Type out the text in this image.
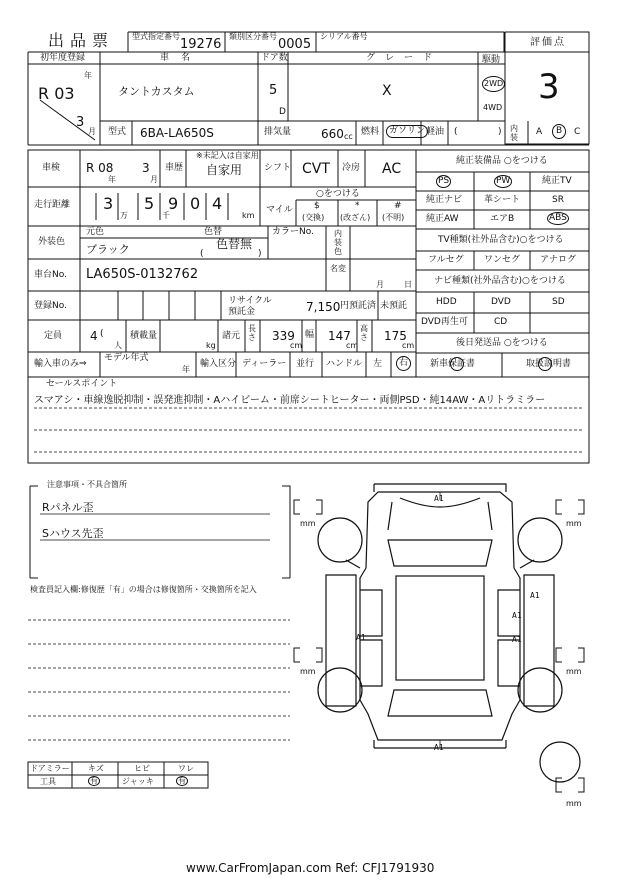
出品票 型式指定番号
19276
類別区分番号
0005
シリアル番号
評価点
3
初年度登録
年
R 03
3
月
車名
タントカスタム
ドア数
5
D
グレード
X
駆動
2WD
4WD
型式 6BA-LA650S	排気量 660 cc 燃料	ガソリン 軽油 (	) 内装
A	B	C
車検 R 08
年
3
月
車歴
※未記入は自家用
自家用 シフト CVT 冷房 AC
走行距離 3
万
5
千
9 0 4
km
○をつける
マイル $
(交換)
*
(改ざん)
#
(不明)
外装色
元色	色替
ブラック	色替無
(	)
カラーNo.	内装色
車台No. LA650S-0132762	名変
月	日
登録No.	リサイクル預託金	7,150 円預託済 未預託
定員 4 (
人
積載量
kg
諸元
長さ 339
cm
幅 147
cm
高さ 175
cm
輸入車のみ⇒
モデル年式
年
輸入区分 ディーラー 並行 ハンドル 左	右
純正装備品 ○をつける
PS	PW	純正TV
純正ナビ 革シート	SR
純正AW	エアB	ABS
TV種類(社外品含む)○をつける
フルセグ ワンセグ アナログ
ナビ種類(社外品含む)○をつける
HDD	DVD	SD
DVD再生可	CD
後日発送品 ○をつける
新車保証書	取扱説明書
セールスポイント
スマアシ・車線逸脱抑制・誤発進抑制・Aハイビーム・前席シートヒーター・両側PSD・純14AW・Aリトラミラー
注意事項・不具合箇所
Rパネル歪
Sハウス先歪
検査員記入欄:修復歴「有」の場合は修復箇所・交換箇所を記入
A1
A1
A1
A1	A1
A1
mm	mm
mm	mm
mm
ドアミラー キズ	ヒビ	ワレ
工具	有	ジャッキ	有
www.CarFromJapan.com Ref: CFJ1791930
